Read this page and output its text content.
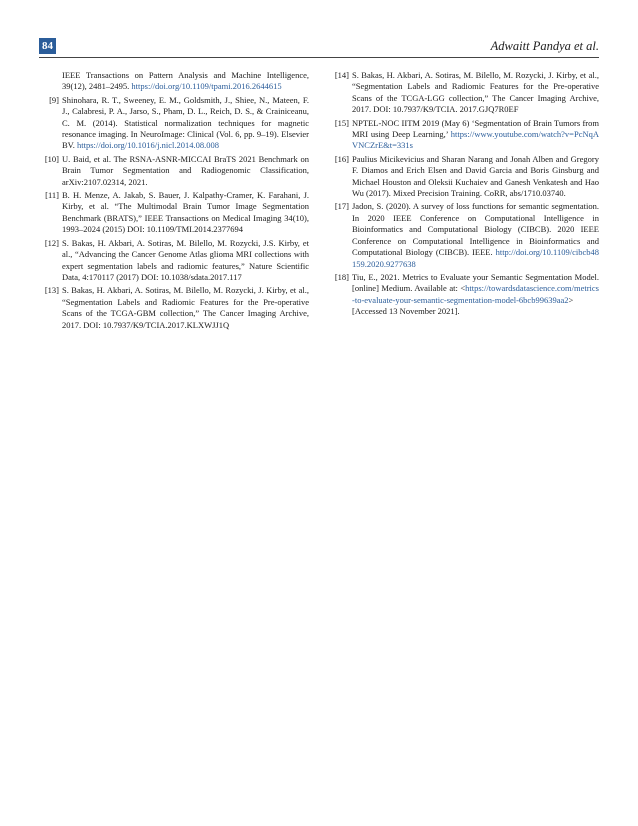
84	Adwaitt Pandya et al.
IEEE Transactions on Pattern Analysis and Machine Intelligence, 39(12), 2481–2495. https://doi.org/10.1109/tpami.2016.2644615
[9] Shinohara, R. T., Sweeney, E. M., Goldsmith, J., Shiee, N., Mateen, F. J., Calabresi, P. A., Jarso, S., Pham, D. L., Reich, D. S., & Crainiceanu, C. M. (2014). Statistical normalization techniques for magnetic resonance imaging. In NeuroImage: Clinical (Vol. 6, pp. 9–19). Elsevier BV. https://doi.org/10.1016/j.nicl.2014.08.008
[10] U. Baid, et al. The RSNA-ASNR-MICCAI BraTS 2021 Benchmark on Brain Tumor Segmentation and Radiogenomic Classification, arXiv:2107.02314, 2021.
[11] B. H. Menze, A. Jakab, S. Bauer, J. Kalpathy-Cramer, K. Farahani, J. Kirby, et al. “The Multimodal Brain Tumor Image Segmentation Benchmark (BRATS),” IEEE Transactions on Medical Imaging 34(10), 1993–2024 (2015) DOI: 10.1109/TMI.2014.2377694
[12] S. Bakas, H. Akbari, A. Sotiras, M. Bilello, M. Rozycki, J.S. Kirby, et al., “Advancing the Cancer Genome Atlas glioma MRI collections with expert segmentation labels and radiomic features,” Nature Scientific Data, 4:170117 (2017) DOI: 10.1038/sdata.2017.117
[13] S. Bakas, H. Akbari, A. Sotiras, M. Bilello, M. Rozycki, J. Kirby, et al., “Segmentation Labels and Radiomic Features for the Pre-operative Scans of the TCGA-GBM collection,” The Cancer Imaging Archive, 2017. DOI: 10.7937/K9/TCIA.2017.KLXWJJ1Q
[14] S. Bakas, H. Akbari, A. Sotiras, M. Bilello, M. Rozycki, J. Kirby, et al., “Segmentation Labels and Radiomic Features for the Pre-operative Scans of the TCGA-LGG collection,” The Cancer Imaging Archive, 2017. DOI: 10.7937/K9/TCIA. 2017.GJQ7R0EF
[15] NPTEL-NOC IITM 2019 (May 6) ‘Segmentation of Brain Tumors from MRI using Deep Learning,’ https://www.youtube.com/watch?v=PcNqAVNCZrE&t=331s
[16] Paulius Micikevicius and Sharan Narang and Jonah Alben and Gregory F. Diamos and Erich Elsen and David Garcia and Boris Ginsburg and Michael Houston and Oleksii Kuchaiev and Ganesh Venkatesh and Hao Wu (2017). Mixed Precision Training. CoRR, abs/1710.03740.
[17] Jadon, S. (2020). A survey of loss functions for semantic segmentation. In 2020 IEEE Conference on Computational Intelligence in Bioinformatics and Computational Biology (CIBCB). 2020 IEEE Conference on Computational Intelligence in Bioinformatics and Computational Biology (CIBCB). IEEE. http://doi.org/10.1109/cibcb48159.2020.9277638
[18] Tiu, E., 2021. Metrics to Evaluate your Semantic Segmentation Model. [online] Medium. Available at: <https://towardsdatascience.com/metrics-to-evaluate-your-semantic-segmentation-model-6bcb99639aa2> [Accessed 13 November 2021].
